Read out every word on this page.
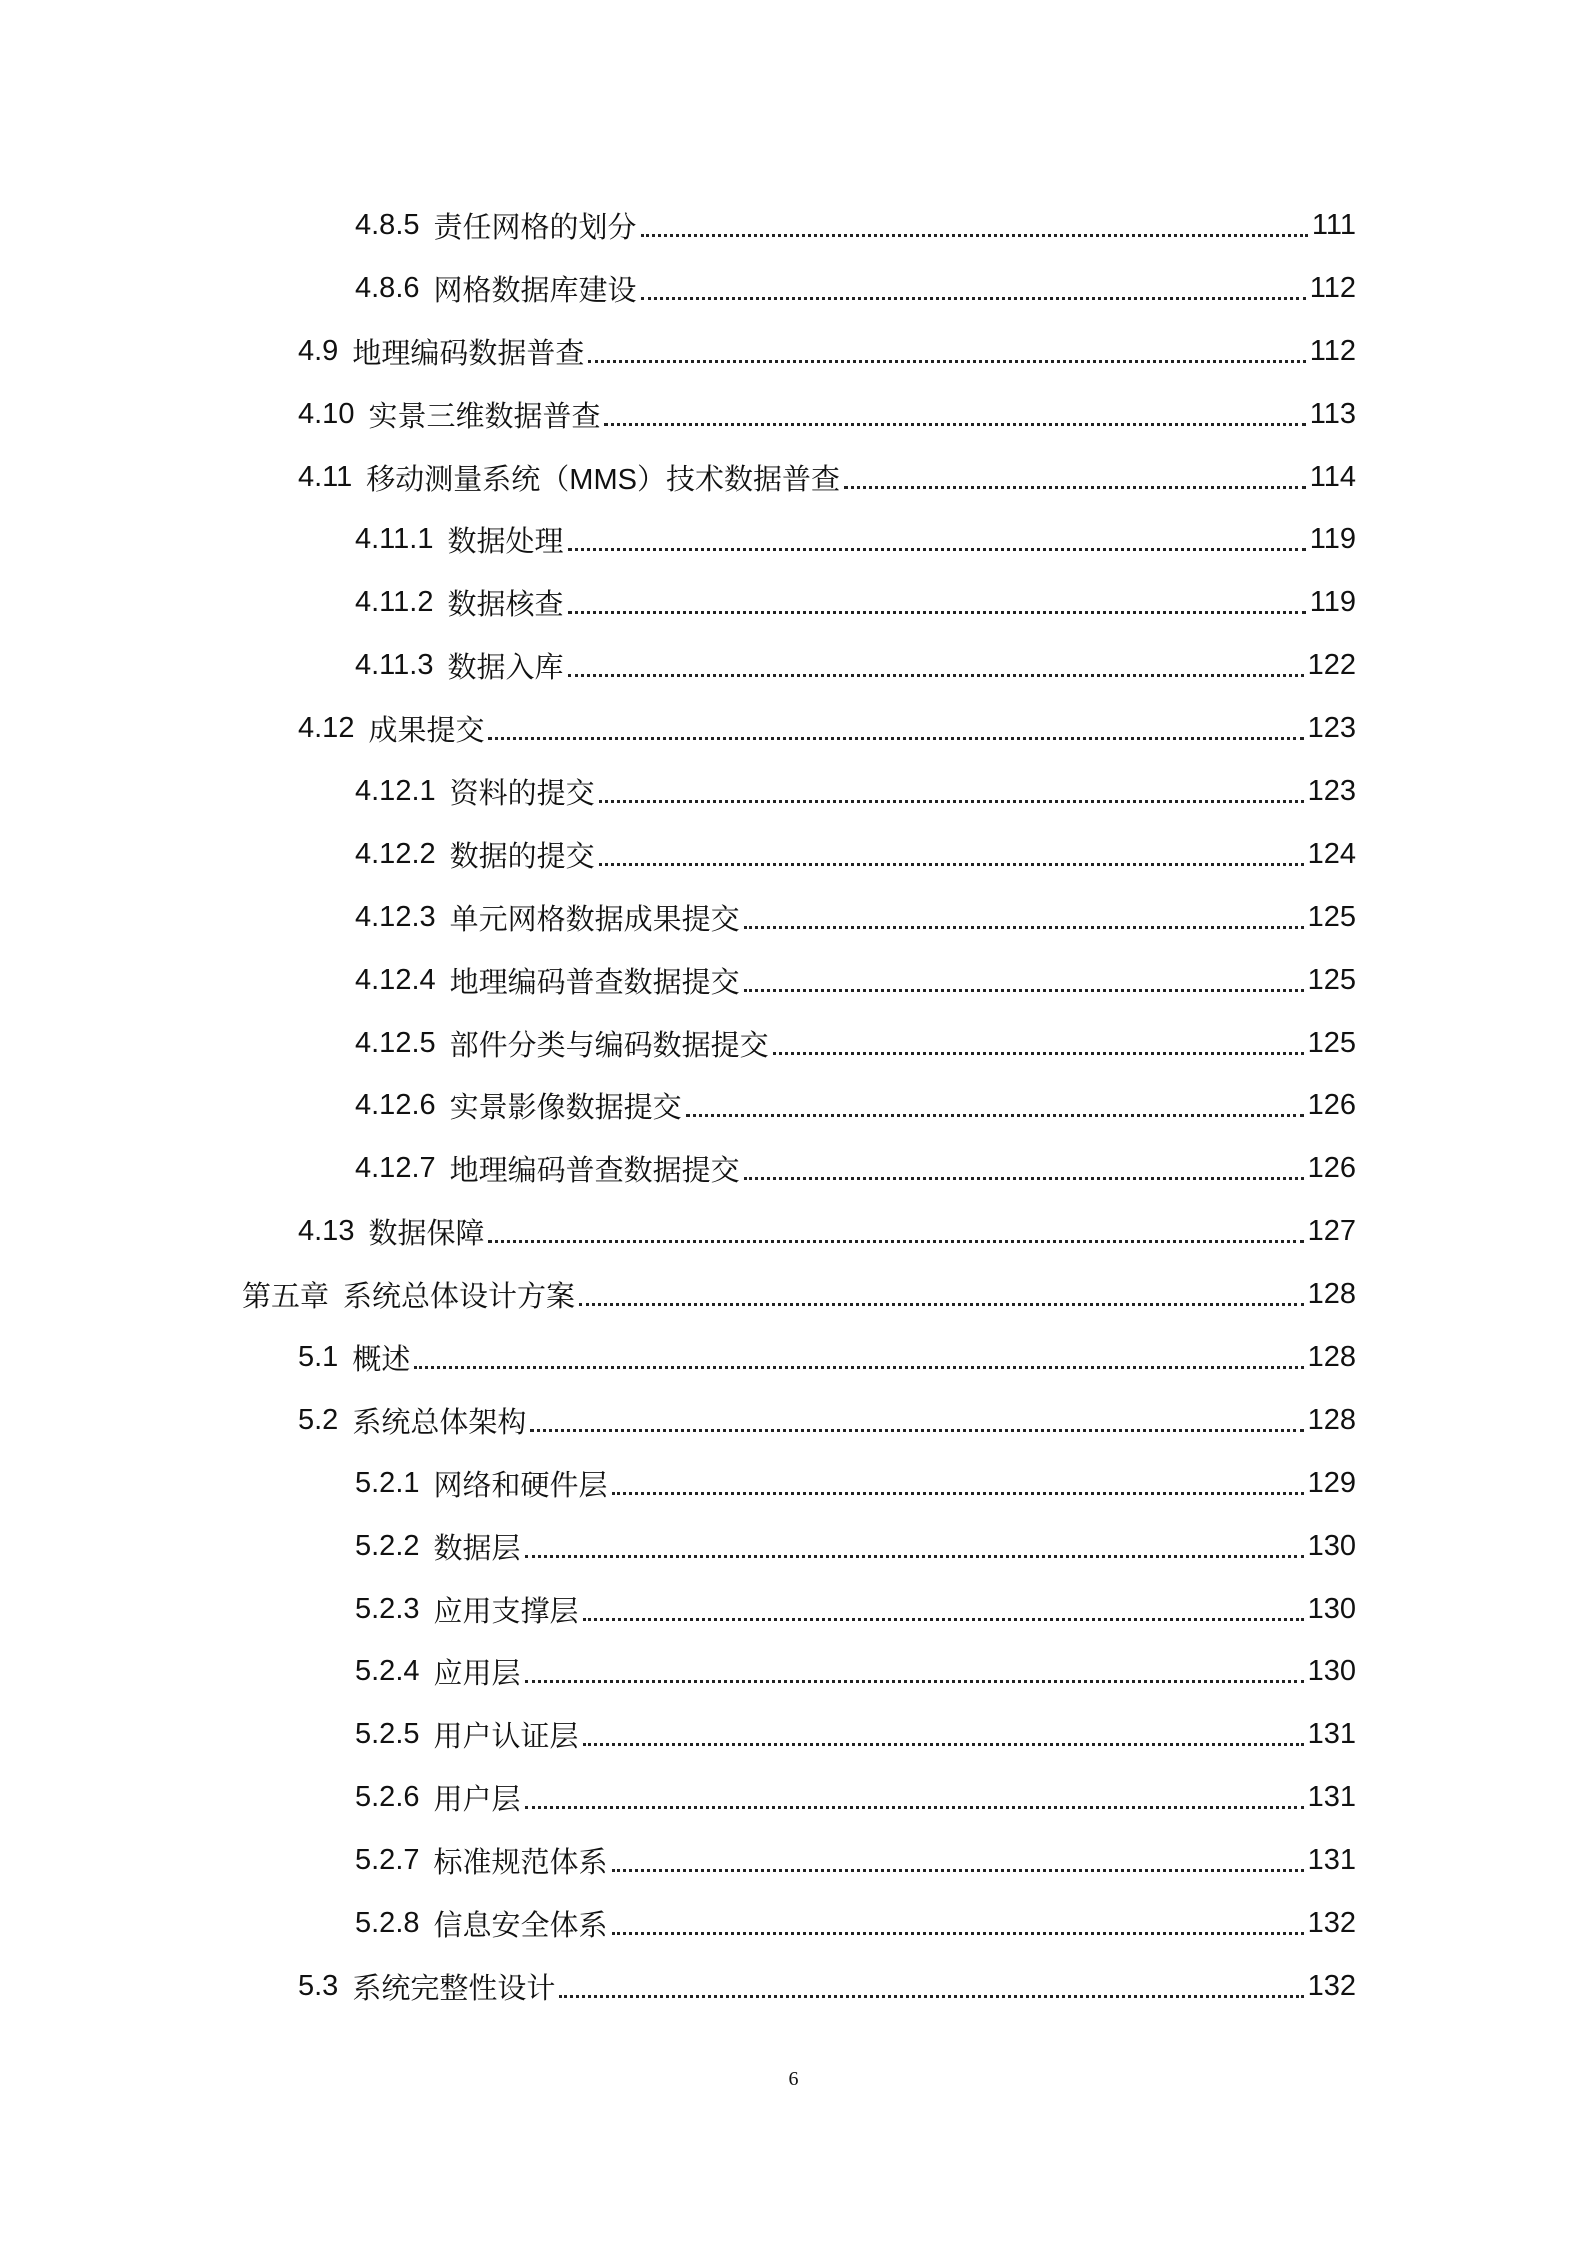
4.8.5 责任网格的划分	111
4.8.6 网格数据库建设	112
4.9 地理编码数据普查	112
4.10 实景三维数据普查	113
4.11 移动测量系统（MMS）技术数据普查	114
4.11.1 数据处理	119
4.11.2 数据核查	119
4.11.3 数据入库	122
4.12 成果提交	123
4.12.1 资料的提交	123
4.12.2 数据的提交	124
4.12.3 单元网格数据成果提交	125
4.12.4 地理编码普查数据提交	125
4.12.5 部件分类与编码数据提交	125
4.12.6 实景影像数据提交	126
4.12.7 地理编码普查数据提交	126
4.13 数据保障	127
第五章 系统总体设计方案	128
5.1 概述	128
5.2 系统总体架构	128
5.2.1 网络和硬件层	129
5.2.2 数据层	130
5.2.3 应用支撑层	130
5.2.4 应用层	130
5.2.5 用户认证层	131
5.2.6 用户层	131
5.2.7 标准规范体系	131
5.2.8 信息安全体系	132
5.3 系统完整性设计	132
6
